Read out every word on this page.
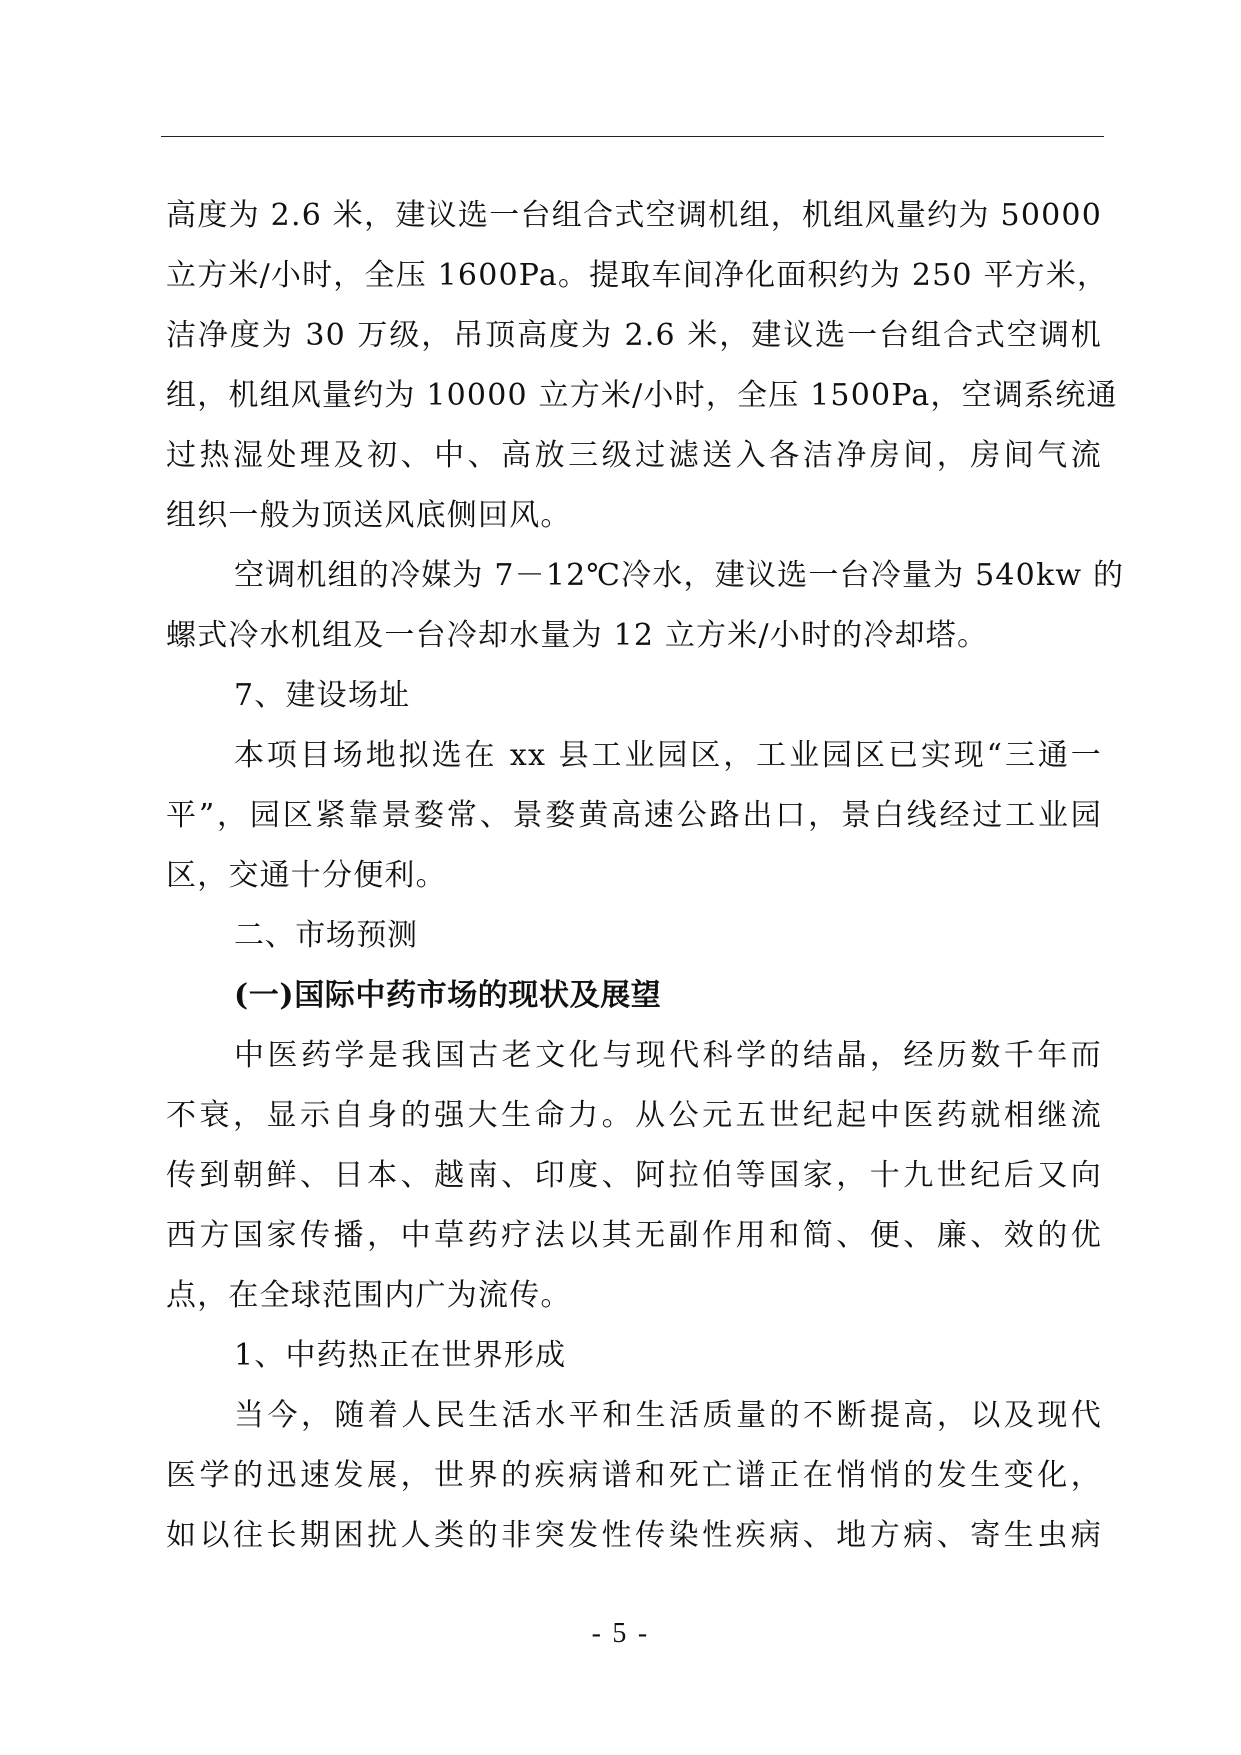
高度为 2.6 米，建议选一台组合式空调机组，机组风量约为 50000
立方米/小时，全压 1600Pa。提取车间净化面积约为 250 平方米，
洁净度为 30 万级，吊顶高度为 2.6 米，建议选一台组合式空调机
组，机组风量约为 10000 立方米/小时，全压 1500Pa，空调系统通
过热湿处理及初、中、高放三级过滤送入各洁净房间，房间气流
组织一般为顶送风底侧回风。
空调机组的冷媒为 7－12℃冷水，建议选一台冷量为 540kw 的
螺式冷水机组及一台冷却水量为 12 立方米/小时的冷却塔。
7、建设场址
本项目场地拟选在 xx 县工业园区，工业园区已实现“三通一
平”，园区紧靠景婺常、景婺黄高速公路出口，景白线经过工业园
区，交通十分便利。
二、市场预测
(一)国际中药市场的现状及展望
中医药学是我国古老文化与现代科学的结晶，经历数千年而
不衰，显示自身的强大生命力。从公元五世纪起中医药就相继流
传到朝鲜、日本、越南、印度、阿拉伯等国家，十九世纪后又向
西方国家传播，中草药疗法以其无副作用和简、便、廉、效的优
点，在全球范围内广为流传。
1、中药热正在世界形成
当今，随着人民生活水平和生活质量的不断提高，以及现代
医学的迅速发展，世界的疾病谱和死亡谱正在悄悄的发生变化，
如以往长期困扰人类的非突发性传染性疾病、地方病、寄生虫病
- 5 -
